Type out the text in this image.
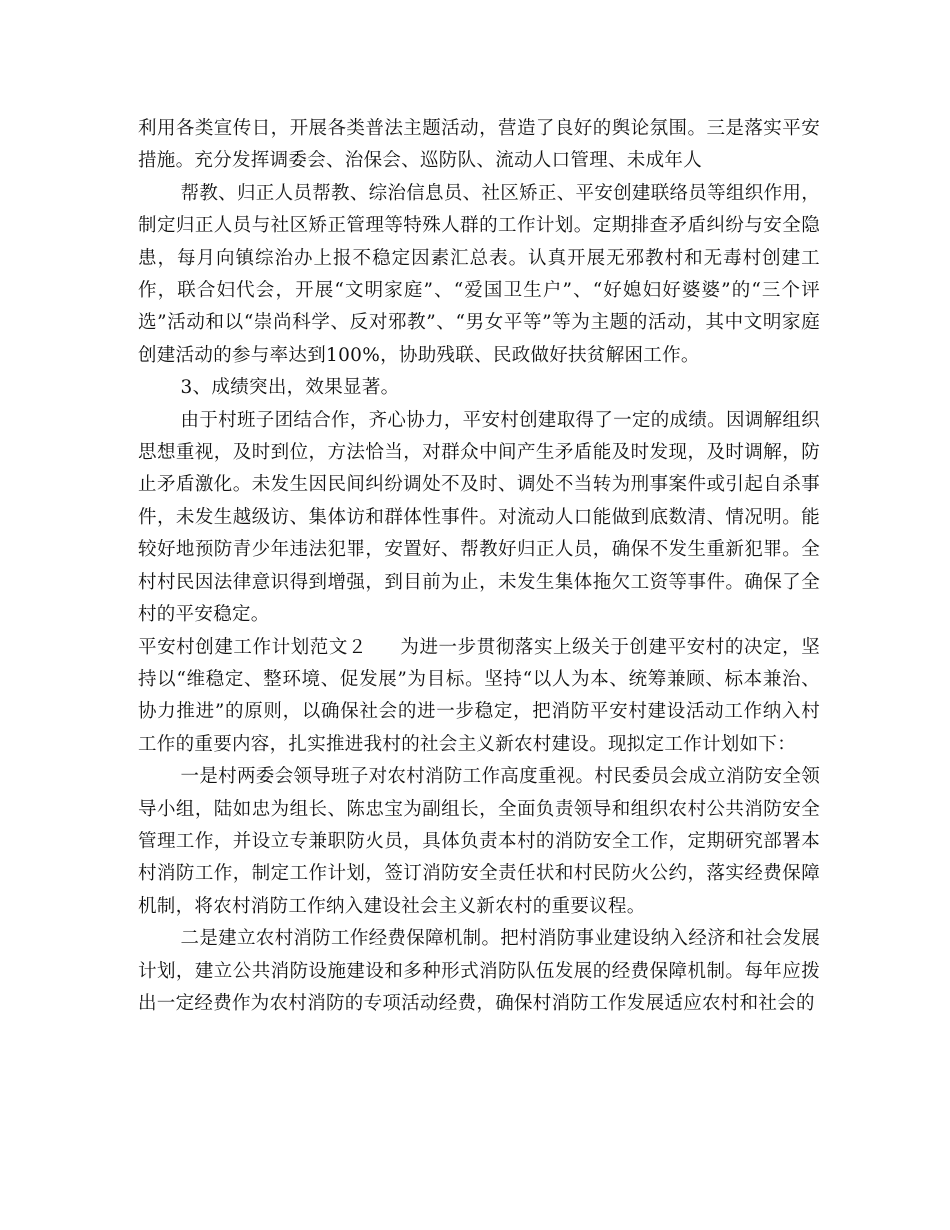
利用各类宣传日，开展各类普法主题活动，营造了良好的舆论氛围。三是落实平安措施。充分发挥调委会、治保会、巡防队、流动人口管理、未成年人

帮教、归正人员帮教、综治信息员、社区矫正、平安创建联络员等组织作用，制定归正人员与社区矫正管理等特殊人群的工作计划。定期排查矛盾纠纷与安全隐患，每月向镇综治办上报不稳定因素汇总表。认真开展无邪教村和无毒村创建工作，联合妇代会，开展“文明家庭”、“爱国卫生户”、“好媳妇好婆婆”的“三个评选”活动和以“崇尚科学、反对邪教”、“男女平等”等为主题的活动，其中文明家庭创建活动的参与率达到100%，协助残联、民政做好扶贫解困工作。

3、成绩突出，效果显著。

由于村班子团结合作，齐心协力，平安村创建取得了一定的成绩。因调解组织思想重视，及时到位，方法恰当，对群众中间产生矛盾能及时发现，及时调解，防止矛盾激化。未发生因民间纠纷调处不及时、调处不当转为刑事案件或引起自杀事件，未发生越级访、集体访和群体性事件。对流动人口能做到底数清、情况明。能较好地预防青少年违法犯罪，安置好、帮教好归正人员，确保不发生重新犯罪。全村村民因法律意识得到增强，到目前为止，未发生集体拖欠工资等事件。确保了全村的平安稳定。

平安村创建工作计划范文２ 为进一步贯彻落实上级关于创建平安村的决定，坚持以“维稳定、整环境、促发展”为目标。坚持“以人为本、统筹兼顾、标本兼治、协力推进”的原则，以确保社会的进一步稳定，把消防平安村建设活动工作纳入村工作的重要内容，扎实推进我村的社会主义新农村建设。现拟定工作计划如下：

一是村两委会领导班子对农村消防工作高度重视。村民委员会成立消防安全领导小组，陆如忠为组长、陈忠宝为副组长，全面负责领导和组织农村公共消防安全管理工作，并设立专兼职防火员，具体负责本村的消防安全工作，定期研究部署本村消防工作，制定工作计划，签订消防安全责任状和村民防火公约，落实经费保障机制，将农村消防工作纳入建设社会主义新农村的重要议程。

二是建立农村消防工作经费保障机制。把村消防事业建设纳入经济和社会发展计划，建立公共消防设施建设和多种形式消防队伍发展的经费保障机制。每年应拨出一定经费作为农村消防的专项活动经费，确保村消防工作发展适应农村和社会的
